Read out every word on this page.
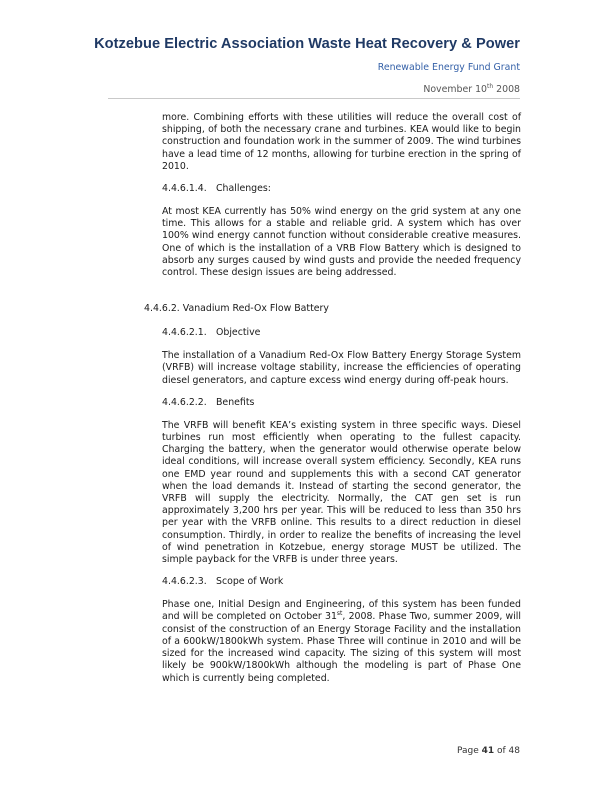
Kotzebue Electric Association Waste Heat Recovery & Power
Renewable Energy Fund Grant
November 10th 2008

more. Combining efforts with these utilities will reduce the overall cost of shipping, of both the necessary crane and turbines. KEA would like to begin construction and foundation work in the summer of 2009. The wind turbines have a lead time of 12 months, allowing for turbine erection in the spring of 2010.

4.4.6.1.4. Challenges:

At most KEA currently has 50% wind energy on the grid system at any one time. This allows for a stable and reliable grid. A system which has over 100% wind energy cannot function without considerable creative measures. One of which is the installation of a VRB Flow Battery which is designed to absorb any surges caused by wind gusts and provide the needed frequency control. These design issues are being addressed.

4.4.6.2. Vanadium Red-Ox Flow Battery
4.4.6.2.1. Objective

The installation of a Vanadium Red-Ox Flow Battery Energy Storage System (VRFB) will increase voltage stability, increase the efficiencies of operating diesel generators, and capture excess wind energy during off-peak hours.

4.4.6.2.2. Benefits

The VRFB will benefit KEA’s existing system in three specific ways. Diesel turbines run most efficiently when operating to the fullest capacity. Charging the battery, when the generator would otherwise operate below ideal conditions, will increase overall system efficiency. Secondly, KEA runs one EMD year round and supplements this with a second CAT generator when the load demands it. Instead of starting the second generator, the VRFB will supply the electricity. Normally, the CAT gen set is run approximately 3,200 hrs per year. This will be reduced to less than 350 hrs per year with the VRFB online. This results to a direct reduction in diesel consumption. Thirdly, in order to realize the benefits of increasing the level of wind penetration in Kotzebue, energy storage MUST be utilized. The simple payback for the VRFB is under three years.

4.4.6.2.3. Scope of Work

Phase one, Initial Design and Engineering, of this system has been funded and will be completed on October 31st, 2008. Phase Two, summer 2009, will consist of the construction of an Energy Storage Facility and the installation of a 600kW/1800kWh system. Phase Three will continue in 2010 and will be sized for the increased wind capacity. The sizing of this system will most likely be 900kW/1800kWh although the modeling is part of Phase One which is currently being completed.

Page 41 of 48
